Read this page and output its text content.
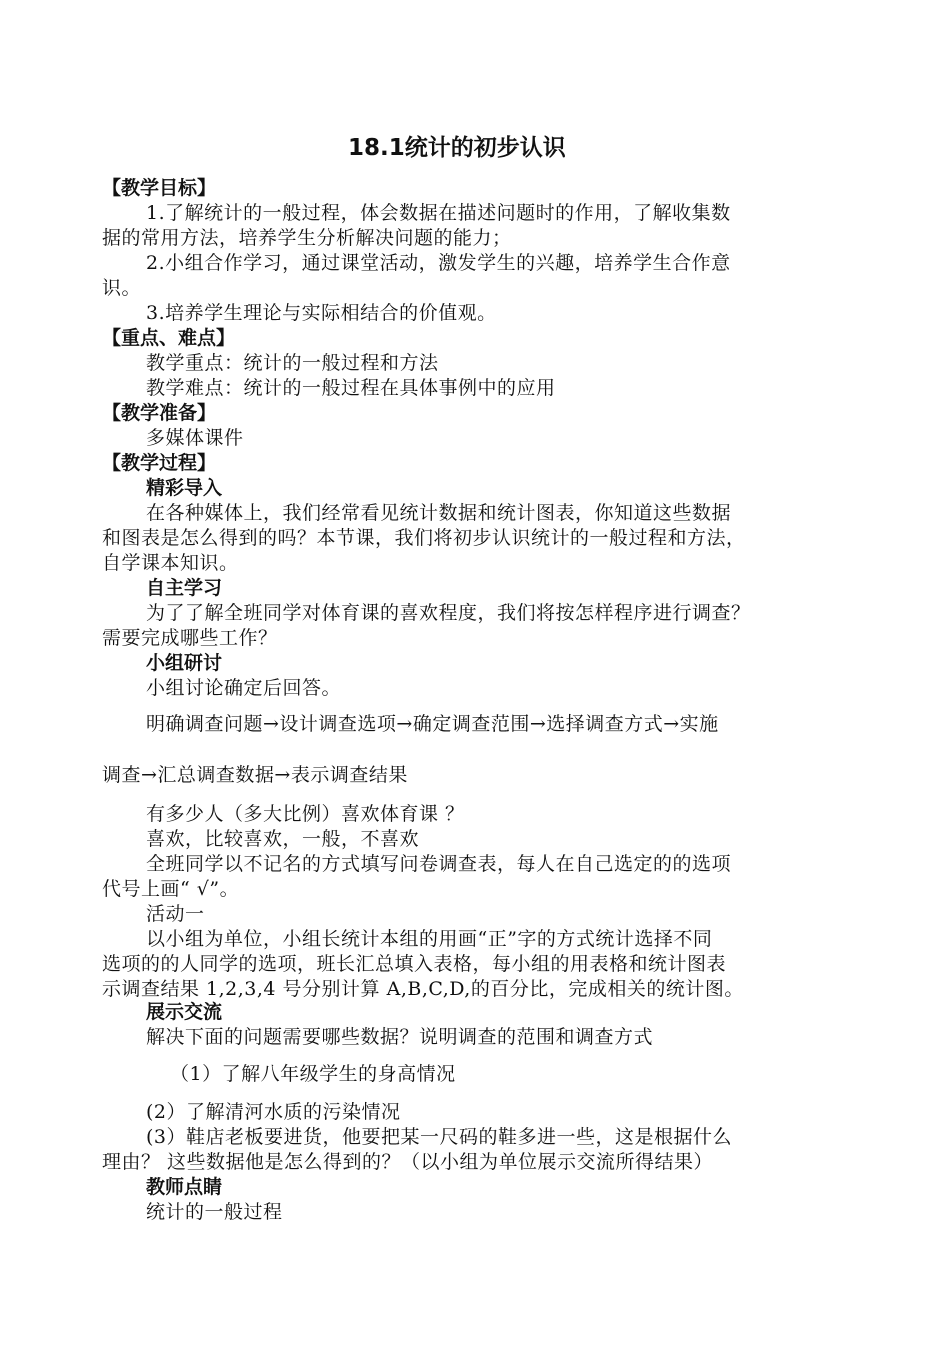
18.1统计的初步认识
【教学目标】
1.了解统计的一般过程，体会数据在描述问题时的作用，了解收集数
据的常用方法，培养学生分析解决问题的能力；
2.小组合作学习，通过课堂活动，激发学生的兴趣，培养学生合作意
识。
3.培养学生理论与实际相结合的价值观。
【重点、难点】
教学重点：统计的一般过程和方法
教学难点：统计的一般过程在具体事例中的应用
【教学准备】
多媒体课件
【教学过程】
精彩导入
在各种媒体上，我们经常看见统计数据和统计图表，你知道这些数据
和图表是怎么得到的吗？本节课，我们将初步认识统计的一般过程和方法，
自学课本知识。
自主学习
为了了解全班同学对体育课的喜欢程度，我们将按怎样程序进行调查？
需要完成哪些工作？
小组研讨
小组讨论确定后回答。
明确调查问题→设计调查选项→确定调查范围→选择调查方式→实施
调查→汇总调查数据→表示调查结果
有多少人（多大比例）喜欢体育课 ？
喜欢，比较喜欢，一般，不喜欢
全班同学以不记名的方式填写问卷调查表，每人在自己选定的的选项
代号上画“ √”。
活动一
以小组为单位，小组长统计本组的用画“正”字的方式统计选择不同
选项的的人同学的选项，班长汇总填入表格，每小组的用表格和统计图表
示调查结果 1,2,3,4 号分别计算 A,B,C,D,的百分比，完成相关的统计图。
展示交流
解决下面的问题需要哪些数据？说明调查的范围和调查方式
（1）了解八年级学生的身高情况
(2）了解清河水质的污染情况
(3）鞋店老板要进货，他要把某一尺码的鞋多进一些，这是根据什么
理由？ 这些数据他是怎么得到的？（以小组为单位展示交流所得结果）
教师点睛
统计的一般过程
